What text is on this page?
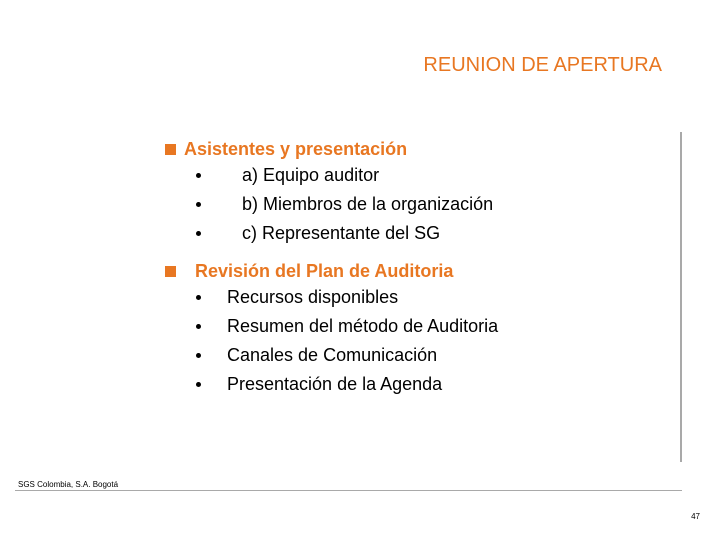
REUNION DE APERTURA
Asistentes y presentación
a) Equipo auditor
b) Miembros de la organización
c) Representante del SG
Revisión del Plan de Auditoria
Recursos disponibles
Resumen del método de Auditoria
Canales de Comunicación
Presentación de la Agenda
SGS Colombia, S.A. Bogotá
47
